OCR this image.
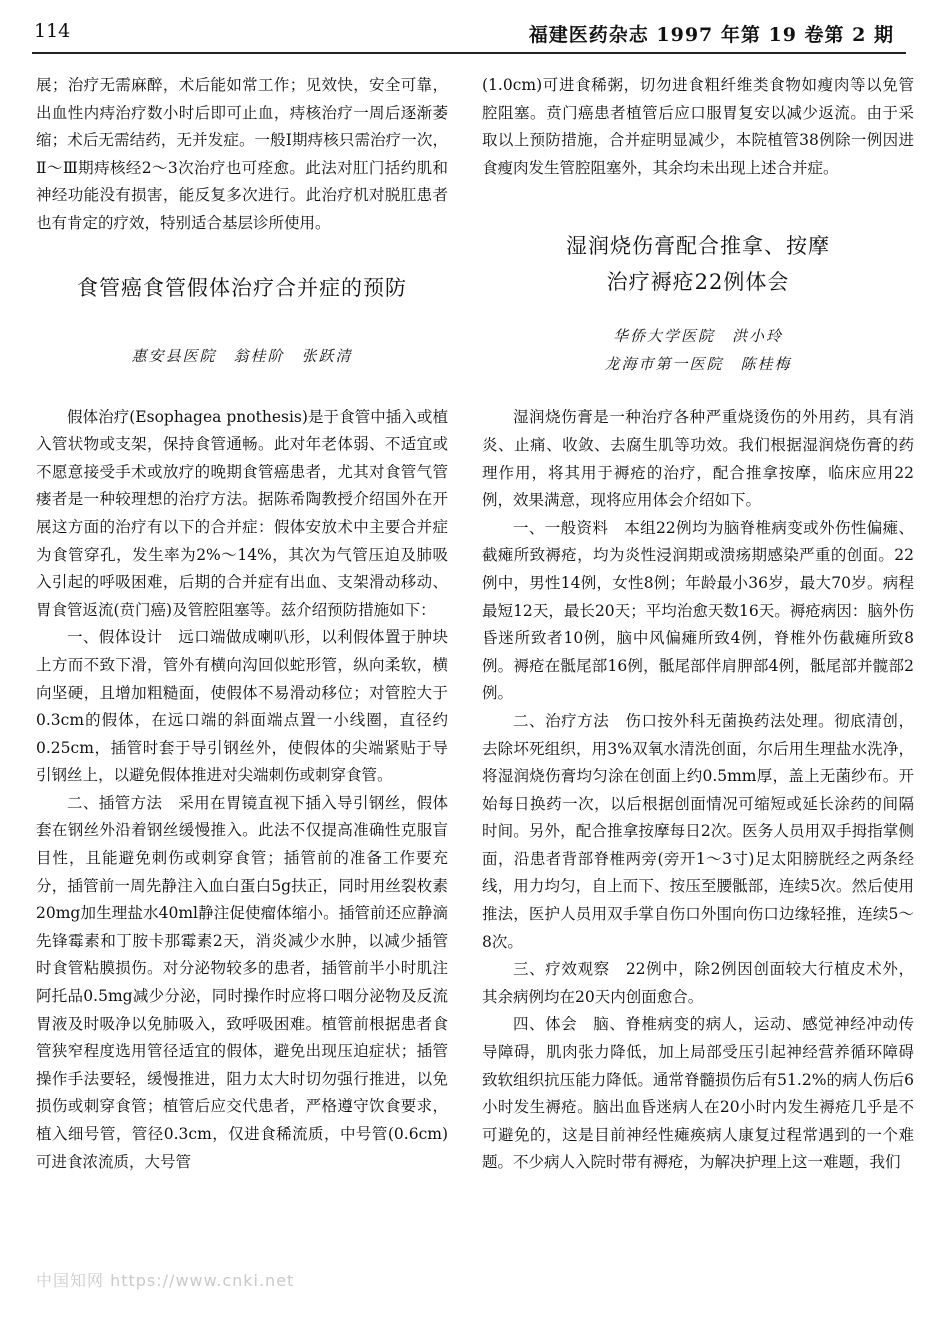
114	福建医药杂志 1997 年第 19 卷第 2 期

展；治疗无需麻醉，术后能如常工作；见效快，安全可靠，出血性内痔治疗数小时后即可止血，痔核治疗一周后逐渐萎缩；术后无需结药，无并发症。一般Ⅰ期痔核只需治疗一次，Ⅱ～Ⅲ期痔核经2～3次治疗也可痊愈。此法对肛门括约肌和神经功能没有损害，能反复多次进行。此治疗机对脱肛患者也有肯定的疗效，特别适合基层诊所使用。

食管癌食管假体治疗合并症的预防
惠安县医院　翁桂阶　张跃清

假体治疗(Esophagea pnothesis)是于食管中插入或植入管状物或支架，保持食管通畅。此对年老体弱、不适宜或不愿意接受手术或放疗的晚期食管癌患者，尤其对食管气管瘘者是一种较理想的治疗方法。据陈希陶教授介绍国外在开展这方面的治疗有以下的合并症：假体安放术中主要合并症为食管穿孔，发生率为2%～14%，其次为气管压迫及肺吸入引起的呼吸困难，后期的合并症有出血、支架滑动移动、胃食管返流(贲门癌)及管腔阻塞等。兹介绍预防措施如下：

一、假体设计　远口端做成喇叭形，以利假体置于肿块上方而不致下滑，管外有横向沟回似蛇形管，纵向柔软，横向坚硬，且增加粗糙面，使假体不易滑动移位；对管腔大于0.3cm的假体，在远口端的斜面端点置一小线圈，直径约0.25cm，插管时套于导引钢丝外，使假体的尖端紧贴于导引钢丝上，以避免假体推进对尖端刺伤或刺穿食管。

二、插管方法　采用在胃镜直视下插入导引钢丝，假体套在钢丝外沿着钢丝缓慢推入。此法不仅提高准确性克服盲目性，且能避免刺伤或刺穿食管；插管前的准备工作要充分，插管前一周先静注入血白蛋白5g扶正，同时用丝裂枚素20mg加生理盐水40ml静注促使瘤体缩小。插管前还应静滴先锋霉素和丁胺卡那霉素2天，消炎减少水肿，以减少插管时食管粘膜损伤。对分泌物较多的患者，插管前半小时肌注阿托品0.5mg减少分泌，同时操作时应将口咽分泌物及反流胃液及时吸净以免肺吸入，致呼吸困难。植管前根据患者食管狭窄程度选用管径适宜的假体，避免出现压迫症状；插管操作手法要轻，缓慢推进，阻力太大时切勿强行推进，以免损伤或刺穿食管；植管后应交代患者，严格遵守饮食要求，植入细号管，管径0.3cm，仅进食稀流质，中号管(0.6cm)可进食浓流质，大号管

(1.0cm)可进食稀粥，切勿进食粗纤维类食物如瘦肉等以免管腔阻塞。贲门癌患者植管后应口服胃复安以减少返流。由于采取以上预防措施，合并症明显减少，本院植管38例除一例因进食瘦肉发生管腔阻塞外，其余均未出现上述合并症。

湿润烧伤膏配合推拿、按摩
治疗褥疮22例体会
华侨大学医院　洪小玲
龙海市第一医院　陈桂梅

湿润烧伤膏是一种治疗各种严重烧烫伤的外用药，具有消炎、止痛、收敛、去腐生肌等功效。我们根据湿润烧伤膏的药理作用，将其用于褥疮的治疗，配合推拿按摩，临床应用22例，效果满意，现将应用体会介绍如下。

一、一般资料　本组22例均为脑脊椎病变或外伤性偏瘫、截瘫所致褥疮，均为炎性浸润期或溃疡期感染严重的创面。22例中，男性14例，女性8例；年龄最小36岁，最大70岁。病程最短12天，最长20天；平均治愈天数16天。褥疮病因：脑外伤昏迷所致者10例，脑中风偏瘫所致4例，脊椎外伤截瘫所致8例。褥疮在骶尾部16例，骶尾部伴肩胛部4例，骶尾部并髋部2例。

二、治疗方法　伤口按外科无菌换药法处理。彻底清创，去除坏死组织，用3%双氧水清洗创面，尔后用生理盐水洗净，将湿润烧伤膏均匀涂在创面上约0.5mm厚，盖上无菌纱布。开始每日换药一次，以后根据创面情况可缩短或延长涂药的间隔时间。另外，配合推拿按摩每日2次。医务人员用双手拇指掌侧面，沿患者背部脊椎两旁(旁开1～3寸)足太阳膀胱经之两条经线，用力均匀，自上而下、按压至腰骶部，连续5次。然后使用推法，医护人员用双手掌自伤口外围向伤口边缘轻推，连续5～8次。

三、疗效观察　22例中，除2例因创面较大行植皮术外，其余病例均在20天内创面愈合。

四、体会　脑、脊椎病变的病人，运动、感觉神经冲动传导障碍，肌肉张力降低，加上局部受压引起神经营养循环障碍致软组织抗压能力降低。通常脊髓损伤后有51.2%的病人伤后6小时发生褥疮。脑出血昏迷病人在20小时内发生褥疮几乎是不可避免的，这是目前神经性瘫痪病人康复过程常遇到的一个难题。不少病人入院时带有褥疮，为解决护理上这一难题，我们

中国知网 https://www.cnki.net
